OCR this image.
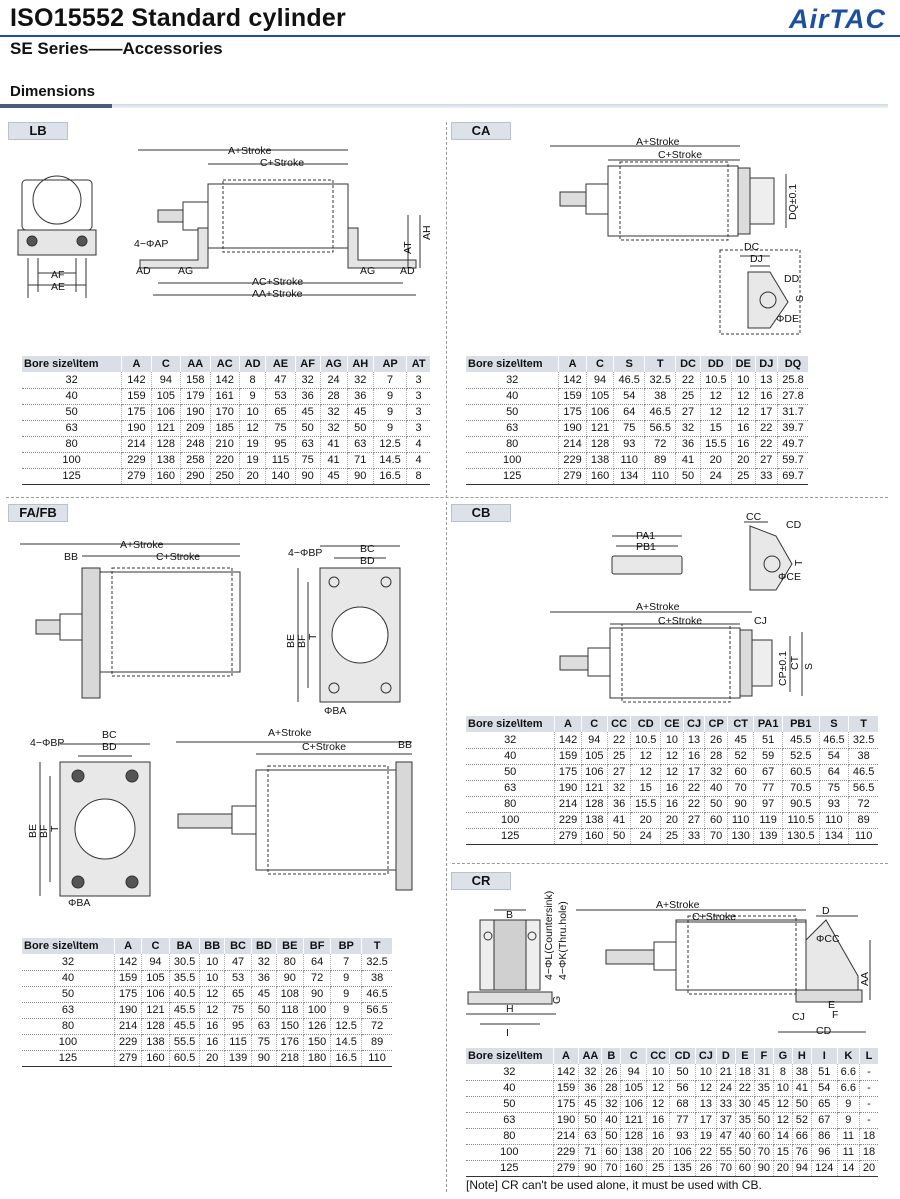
ISO15552 Standard cylinder
SE Series——Accessories
AirTAC
Dimensions
LB
A+Stroke
C+Stroke
4−ΦAP
AD	AG
AT
AH
AF
AE	AC+Stroke
AA+Stroke
AG AD
Bore size\Item	A	C	AA	AC	AD	AE	AF	AG	AH	AP	AT
32	142	94	158	142	8	47	32	24	32	7	3
40	159	105	179	161	9	53	36	28	36	9	3
50	175	106	190	170	10	65	45	32	45	9	3
63	190	121	209	185	12	75	50	32	50	9	3
80	214	128	248	210	19	95	63	41	63	12.5	4
100	229	138	258	220	19	115	75	41	71	14.5	4
125	279	160	290	250	20	140	90	45	90	16.5	8
CA
A+Stroke
C+Stroke
DQ±0.1
DC
DJ
DD
S
ΦDE
Bore size\Item	A	C	S	T	DC	DD	DE	DJ	DQ
32	142	94	46.5	32.5	22	10.5	10	13	25.8
40	159	105	54	38	25	12	12	16	27.8
50	175	106	64	46.5	27	12	12	17	31.7
63	190	121	75	56.5	32	15	16	22	39.7
80	214	128	93	72	36	15.5	16	22	49.7
100	229	138	110	89	41	20	20	27	59.7
125	279	160	134	110	50	24	25	33	69.7
FA/FB
A+Stroke
BB	C+Stroke	4−ΦBP	BC
BD
BE BF T
ΦBA
4−ΦBP
BC
BD
BE BF T
ΦBA
A+Stroke
C+Stroke	BB
Bore size\Item	A	C	BA	BB	BC	BD	BE	BF	BP	T
32	142	94	30.5	10	47	32	80	64	7	32.5
40	159	105	35.5	10	53	36	90	72	9	38
50	175	106	40.5	12	65	45	108	90	9	46.5
63	190	121	45.5	12	75	50	118	100	9	56.5
80	214	128	45.5	16	95	63	150	126	12.5	72
100	229	138	55.5	16	115	75	176	150	14.5	89
125	279	160	60.5	20	139	90	218	180	16.5	110
CB
PA1
PB1
CC
CD
T
ΦCE
A+Stroke
C+Stroke	CJ
CP±0.1 CT S
Bore size\Item	A	C	CC	CD	CE	CJ	CP	CT	PA1	PB1	S	T
32	142	94	22	10.5	10	13	26	45	51	45.5	46.5	32.5
40	159	105	25	12	12	16	28	52	59	52.5	54	38
50	175	106	27	12	12	17	32	60	67	60.5	64	46.5
63	190	121	32	15	16	22	40	70	77	70.5	75	56.5
80	214	128	36	15.5	16	22	50	90	97	90.5	93	72
100	229	138	41	20	20	27	60	110	119	110.5	110	89
125	279	160	50	24	25	33	70	130	139	130.5	134	110
CR
B	4−ΦL(Countersink) 4−ΦK(Thru.hole)
G
H
I
A+Stroke
C+Stroke	D
ΦCC
AA
CJ
E
F
CD
Bore size\Item	A	AA	B	C	CC	CD	CJ	D	E	F	G	H	I	K	L
32	142	32	26	94	10	50	10	21	18	31	8	38	51	6.6	-
40	159	36	28	105	12	56	12	24	22	35	10	41	54	6.6	-
50	175	45	32	106	12	68	13	33	30	45	12	50	65	9	-
63	190	50	40	121	16	77	17	37	35	50	12	52	67	9	-
80	214	63	50	128	16	93	19	47	40	60	14	66	86	11	18
100	229	71	60	138	20	106	22	55	50	70	15	76	96	11	18
125	279	90	70	160	25	135	26	70	60	90	20	94	124	14	20
[Note] CR can't be used alone, it must be used with CB.
